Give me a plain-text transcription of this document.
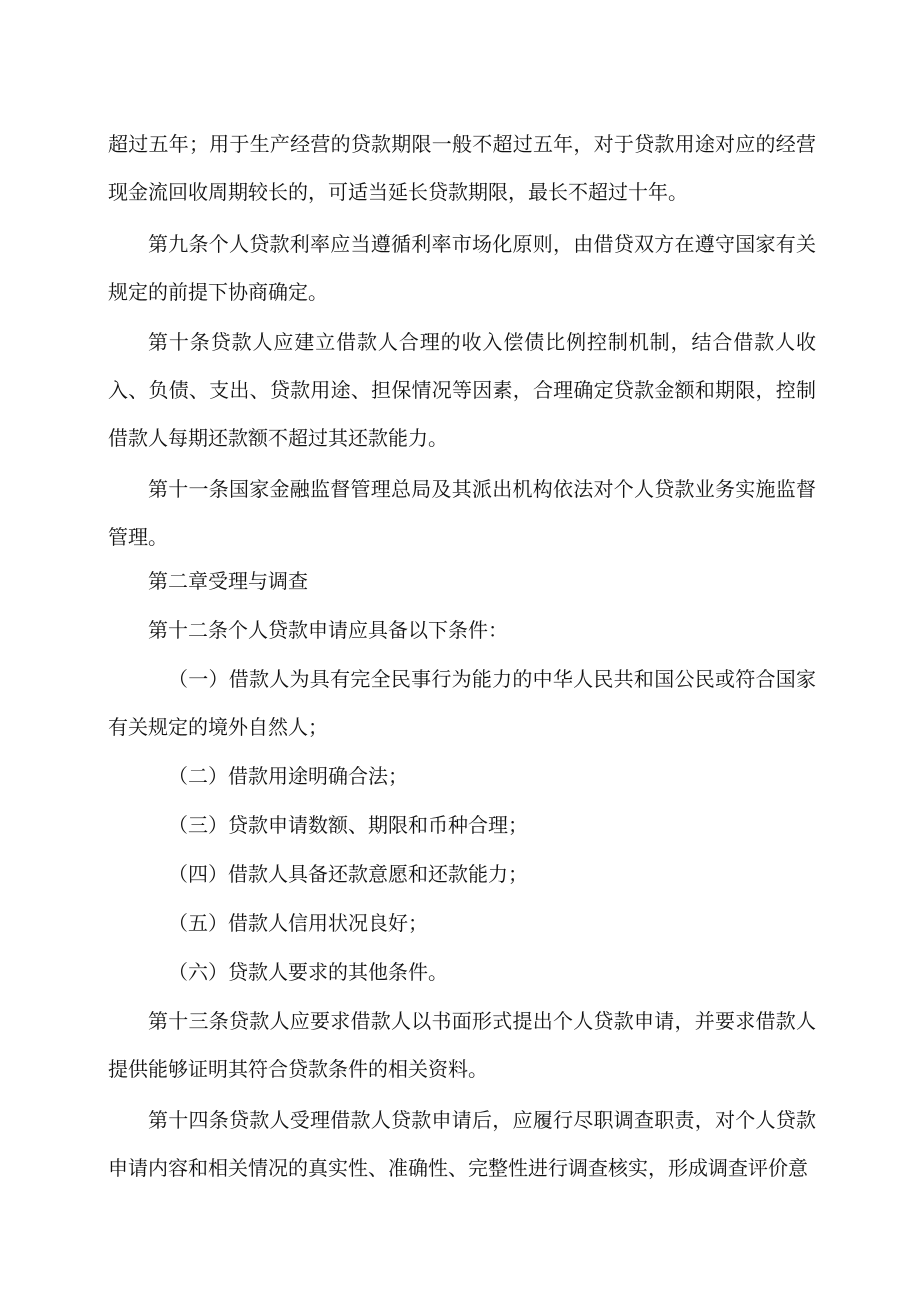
超过五年；用于生产经营的贷款期限一般不超过五年，对于贷款用途对应的经营现金流回收周期较长的，可适当延长贷款期限，最长不超过十年。

第九条个人贷款利率应当遵循利率市场化原则，由借贷双方在遵守国家有关规定的前提下协商确定。

第十条贷款人应建立借款人合理的收入偿债比例控制机制，结合借款人收入、负债、支出、贷款用途、担保情况等因素，合理确定贷款金额和期限，控制借款人每期还款额不超过其还款能力。

第十一条国家金融监督管理总局及其派出机构依法对个人贷款业务实施监督管理。

第二章受理与调查

第十二条个人贷款申请应具备以下条件：

（一）借款人为具有完全民事行为能力的中华人民共和国公民或符合国家有关规定的境外自然人；

（二）借款用途明确合法；

（三）贷款申请数额、期限和币种合理；

（四）借款人具备还款意愿和还款能力；

（五）借款人信用状况良好；

（六）贷款人要求的其他条件。

第十三条贷款人应要求借款人以书面形式提出个人贷款申请，并要求借款人提供能够证明其符合贷款条件的相关资料。

第十四条贷款人受理借款人贷款申请后，应履行尽职调查职责，对个人贷款申请内容和相关情况的真实性、准确性、完整性进行调查核实，形成调查评价意
